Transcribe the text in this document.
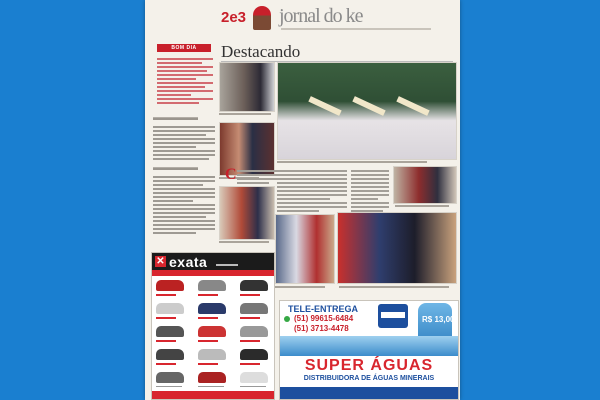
2e3 jornal do ke
Destacando
BOM DIA
▬▬▬▬▬
▬▬▬▬▬ C
✕ exata
TELE-ENTREGA
(51) 99615-6484
(51) 3713-4478
R$ 13,00
SUPER ÁGUAS
DISTRIBUIDORA DE ÁGUAS MINERAIS
